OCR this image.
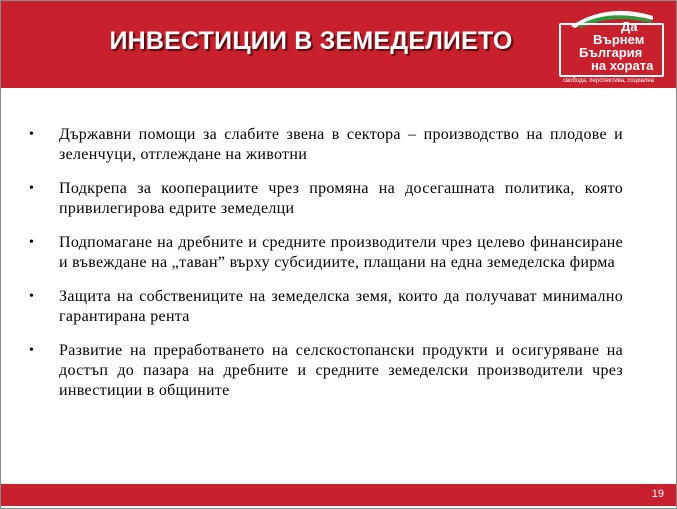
ИНВЕСТИЦИИ В ЗЕМЕДЕЛИЕТО
Да
Върнем
България
на хората
свобода, перспектива, социална
• Държавни помощи за слабите звена в сектора – производство на плодове и зеленчуци, отглеждане на животни
• Подкрепа за кооперациите чрез промяна на досегашната политика, която привилегирова едрите земеделци
• Подпомагане на дребните и средните производители чрез целево финансиране и въвеждане на „таван” върху субсидиите, плащани на една земеделска фирма
• Защита на собствениците на земеделска земя, които да получават минимално гарантирана рента
• Развитие на преработването на селскостопански продукти и осигуряване на достъп до пазара на дребните и средните земеделски производители чрез инвестиции в общините
19
